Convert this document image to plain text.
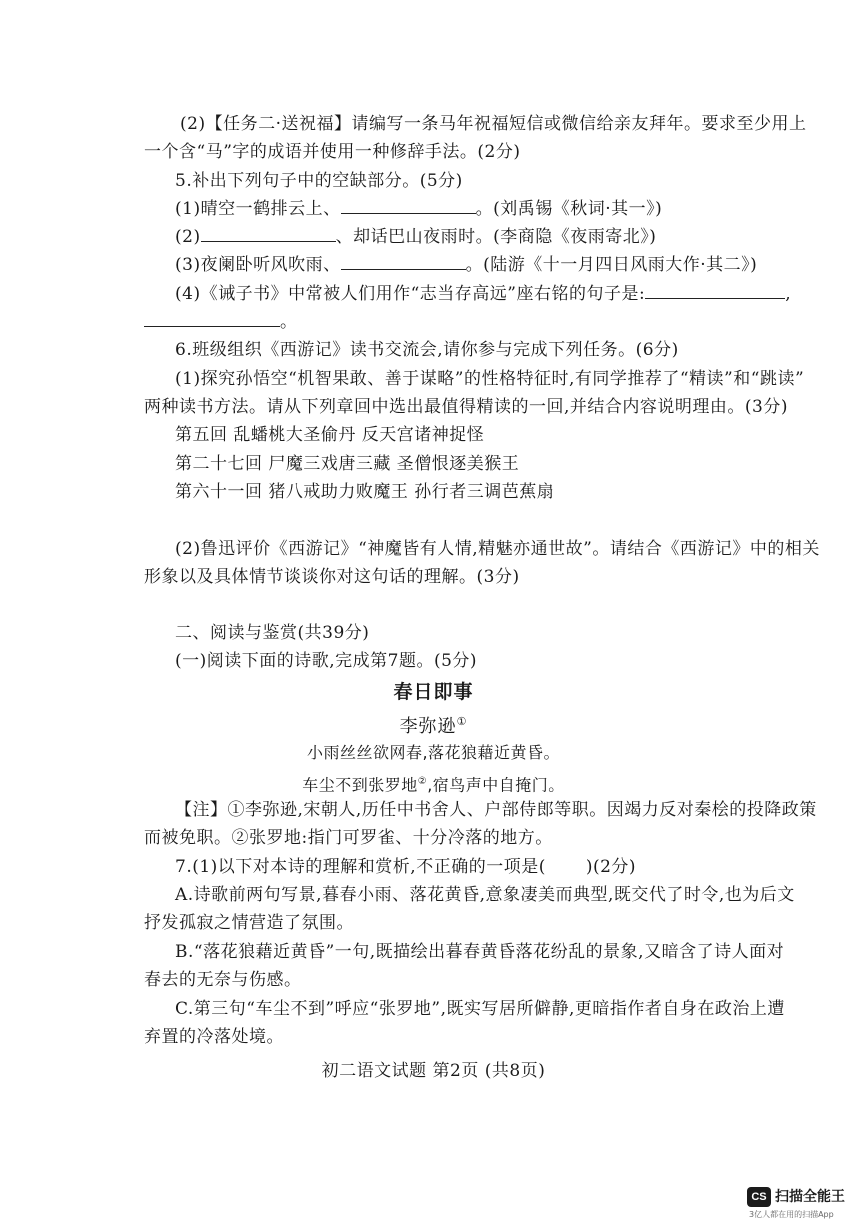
(2)【任务二·送祝福】请编写一条马年祝福短信或微信给亲友拜年。要求至少用上
一个含“马”字的成语并使用一种修辞手法。(2分)
5.补出下列句子中的空缺部分。(5分)
(1)晴空一鹤排云上、	。(刘禹锡《秋词·其一》)
(2)	、却话巴山夜雨时。(李商隐《夜雨寄北》)
(3)夜阑卧听风吹雨、	。(陆游《十一月四日风雨大作·其二》)
(4)《诫子书》中常被人们用作“志当存高远”座右铭的句子是:	,
。
6.班级组织《西游记》读书交流会,请你参与完成下列任务。(6分)
(1)探究孙悟空“机智果敢、善于谋略”的性格特征时,有同学推荐了“精读”和“跳读”
两种读书方法。请从下列章回中选出最值得精读的一回,并结合内容说明理由。(3分)
第五回 乱蟠桃大圣偷丹 反天宫诸神捉怪
第二十七回 尸魔三戏唐三藏 圣僧恨逐美猴王
第六十一回 猪八戒助力败魔王 孙行者三调芭蕉扇
(2)鲁迅评价《西游记》“神魔皆有人情,精魅亦通世故”。请结合《西游记》中的相关
形象以及具体情节谈谈你对这句话的理解。(3分)
二、阅读与鉴赏(共39分)
(一)阅读下面的诗歌,完成第7题。(5分)
春日即事
李弥逊①
小雨丝丝欲网春,落花狼藉近黄昏。
车尘不到张罗地②,宿鸟声中自掩门。
【注】①李弥逊,宋朝人,历任中书舍人、户部侍郎等职。因竭力反对秦桧的投降政策
而被免职。②张罗地:指门可罗雀、十分冷落的地方。
7.(1)以下对本诗的理解和赏析,不正确的一项是( )(2分)
A.诗歌前两句写景,暮春小雨、落花黄昏,意象凄美而典型,既交代了时令,也为后文
抒发孤寂之情营造了氛围。
B.“落花狼藉近黄昏”一句,既描绘出暮春黄昏落花纷乱的景象,又暗含了诗人面对
春去的无奈与伤感。
C.第三句“车尘不到”呼应“张罗地”,既实写居所僻静,更暗指作者自身在政治上遭
弃置的冷落处境。
初二语文试题 第2页 (共8页)
CS 扫描全能王
3亿人都在用的扫描App
